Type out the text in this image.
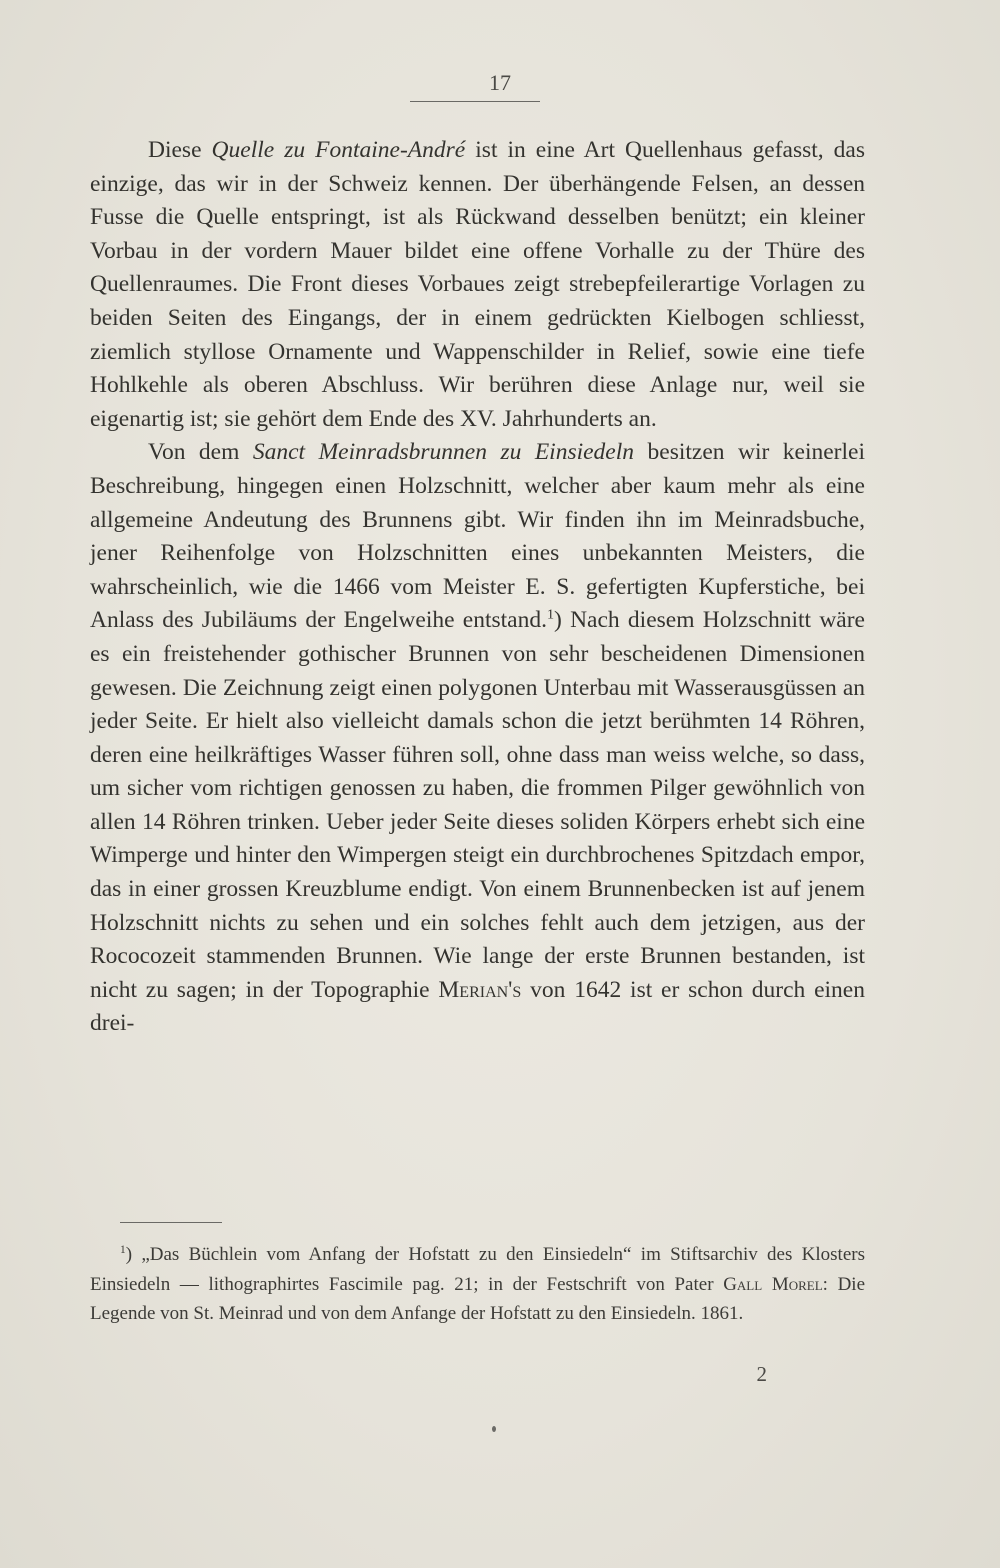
17

Diese Quelle zu Fontaine-André ist in eine Art Quellenhaus gefasst, das einzige, das wir in der Schweiz kennen. Der überhängende Felsen, an dessen Fusse die Quelle entspringt, ist als Rückwand desselben benützt; ein kleiner Vorbau in der vordern Mauer bildet eine offene Vorhalle zu der Thüre des Quellenraumes. Die Front dieses Vorbaues zeigt strebepfeilerartige Vorlagen zu beiden Seiten des Eingangs, der in einem gedrückten Kielbogen schliesst, ziemlich styllose Ornamente und Wappenschilder in Relief, sowie eine tiefe Hohlkehle als oberen Abschluss. Wir berühren diese Anlage nur, weil sie eigenartig ist; sie gehört dem Ende des XV. Jahrhunderts an.

Von dem Sanct Meinradsbrunnen zu Einsiedeln besitzen wir keinerlei Beschreibung, hingegen einen Holzschnitt, welcher aber kaum mehr als eine allgemeine Andeutung des Brunnens gibt. Wir finden ihn im Meinradsbuche, jener Reihenfolge von Holzschnitten eines unbekannten Meisters, die wahrscheinlich, wie die 1466 vom Meister E. S. gefertigten Kupferstiche, bei Anlass des Jubiläums der Engelweihe entstand.$^1$) Nach diesem Holzschnitt wäre es ein freistehender gothischer Brunnen von sehr bescheidenen Dimensionen gewesen. Die Zeichnung zeigt einen polygonen Unterbau mit Wasserausgüssen an jeder Seite. Er hielt also vielleicht damals schon die jetzt berühmten 14 Röhren, deren eine heilkräftiges Wasser führen soll, ohne dass man weiss welche, so dass, um sicher vom richtigen genossen zu haben, die frommen Pilger gewöhnlich von allen 14 Röhren trinken. Ueber jeder Seite dieses soliden Körpers erhebt sich eine Wimperge und hinter den Wimpergen steigt ein durchbrochenes Spitzdach empor, das in einer grossen Kreuzblume endigt. Von einem Brunnenbecken ist auf jenem Holzschnitt nichts zu sehen und ein solches fehlt auch dem jetzigen, aus der Rococozeit stammenden Brunnen. Wie lange der erste Brunnen bestanden, ist nicht zu sagen; in der Topographie Merian's von 1642 ist er schon durch einen drei-

$^1$) „Das Büchlein vom Anfang der Hofstatt zu den Einsiedeln“ im Stiftsarchiv des Klosters Einsiedeln — lithographirtes Fascimile pag. 21; in der Festschrift von Pater Gall Morel: Die Legende von St. Meinrad und von dem Anfange der Hofstatt zu den Einsiedeln. 1861.

2
